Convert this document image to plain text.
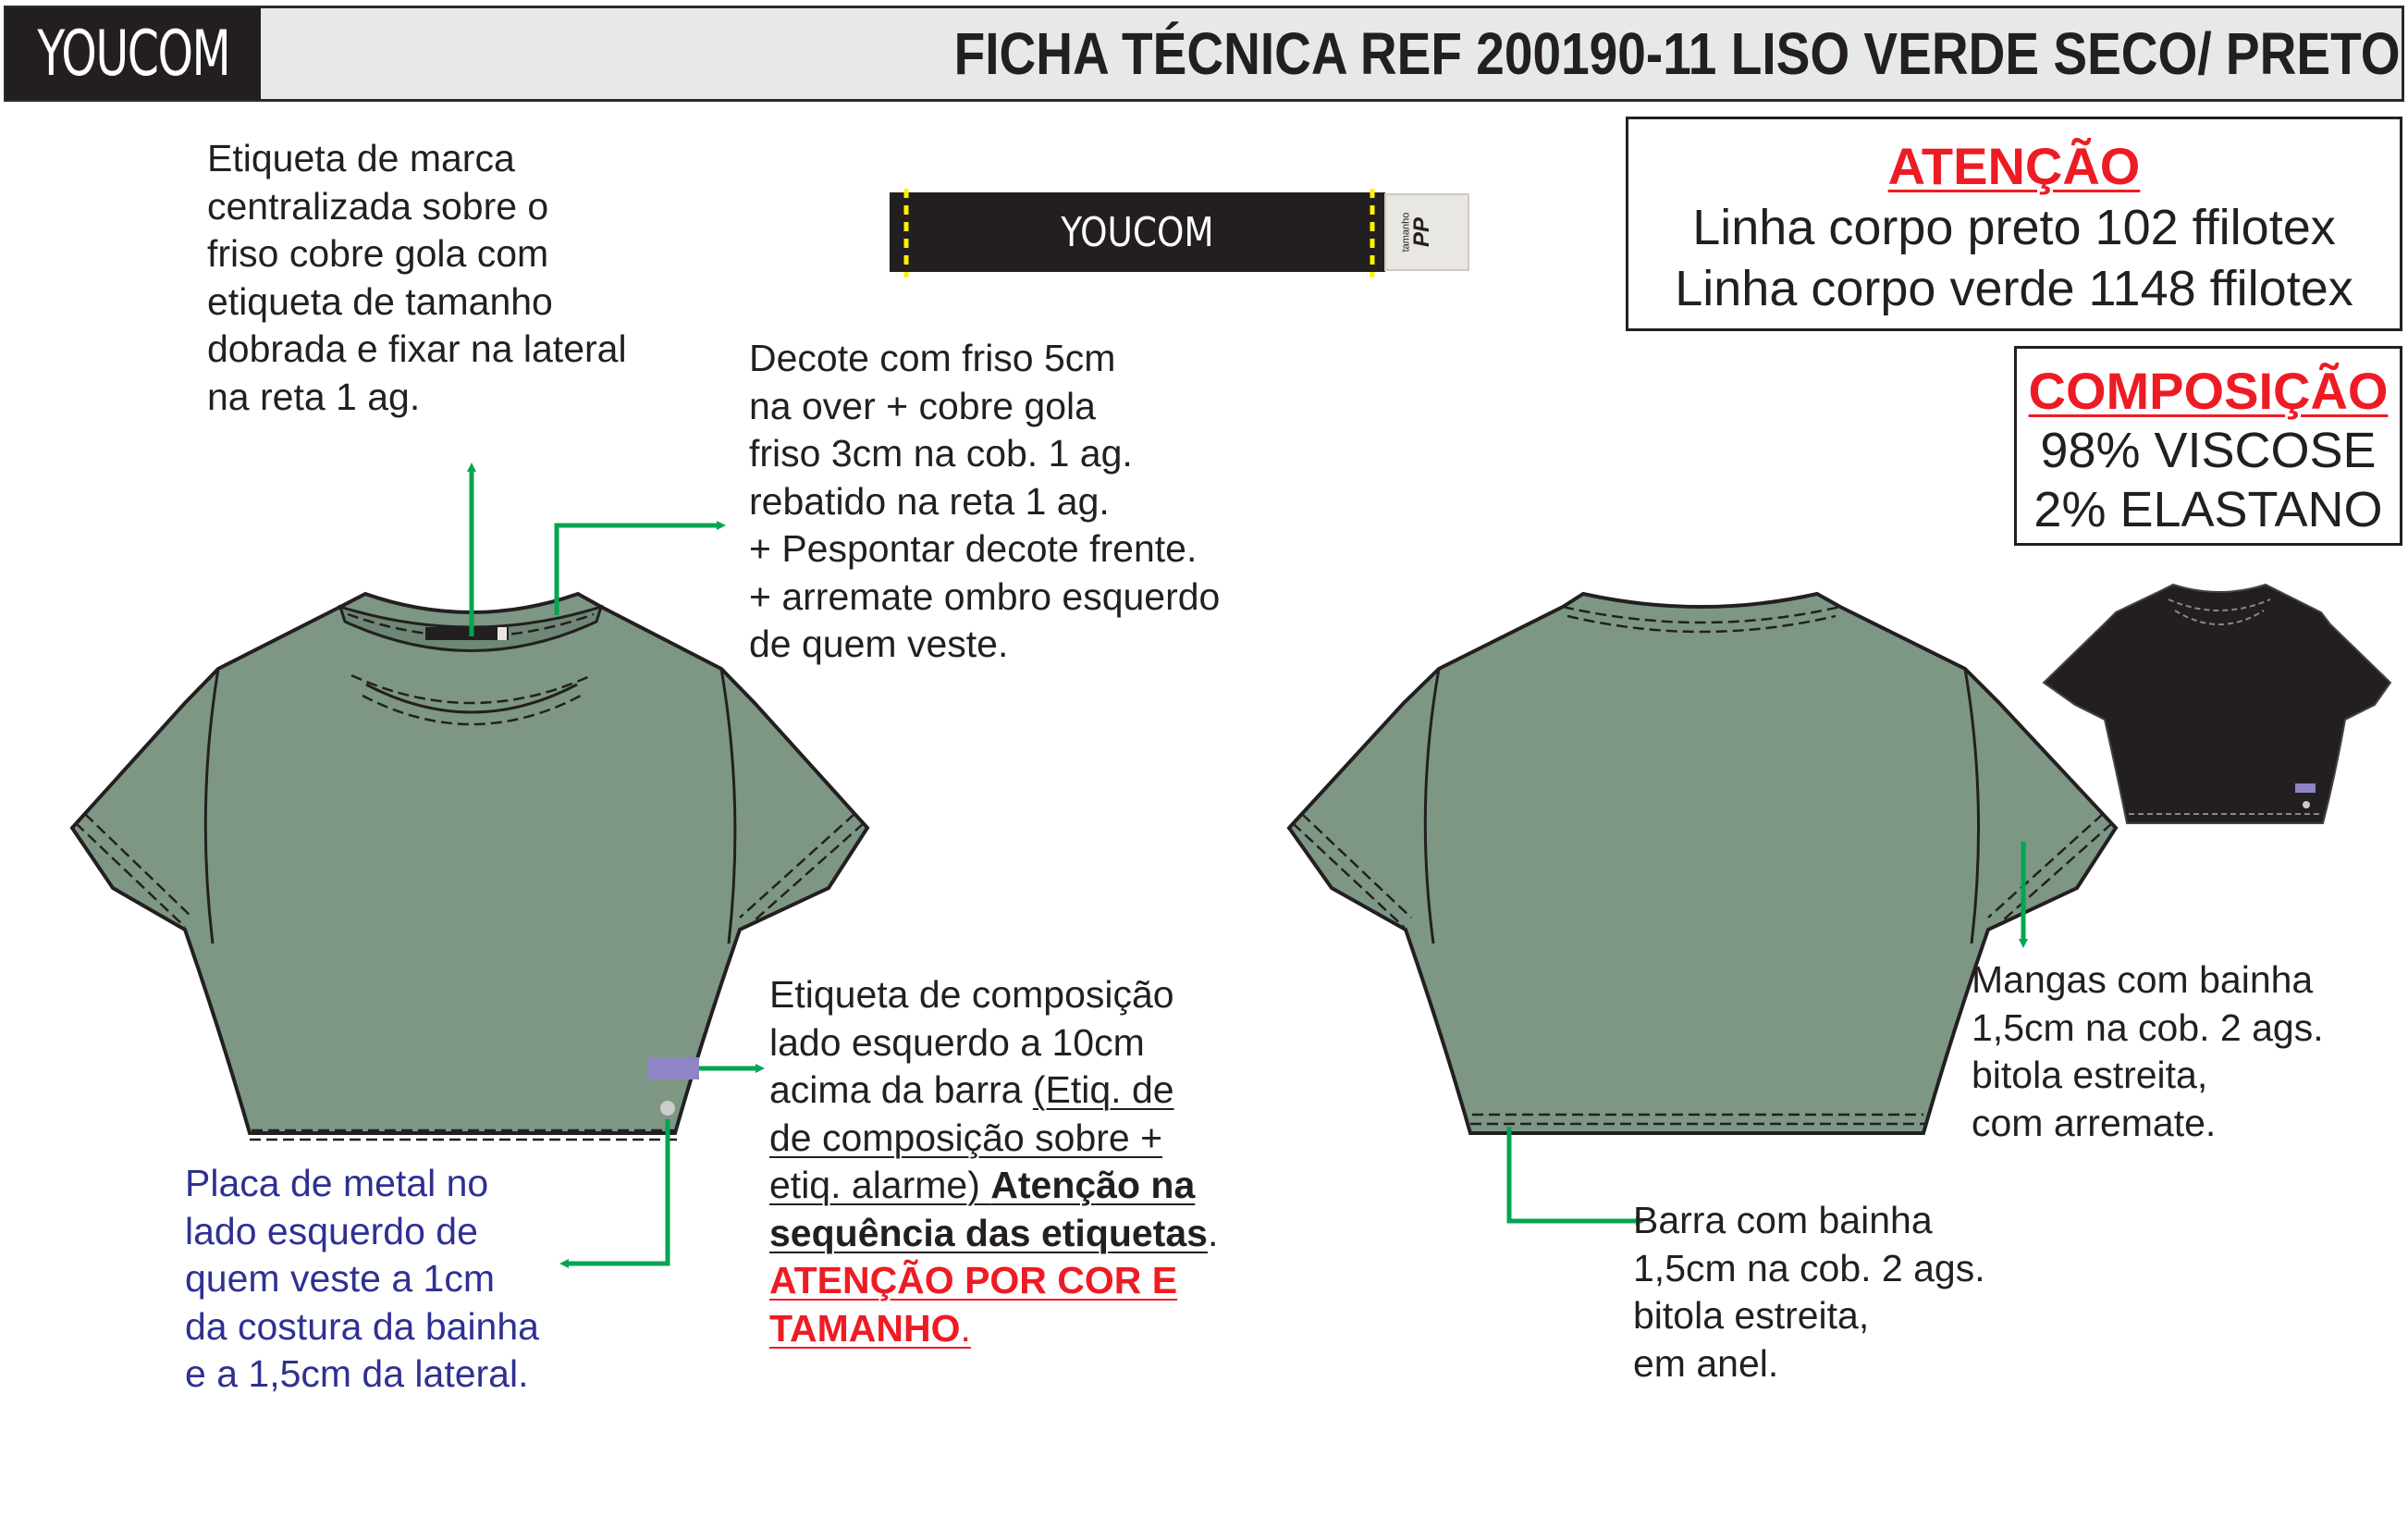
YOUCOM	FICHA TÉCNICA REF 200190-11 LISO VERDE SECO/ PRETO
YOUCOM	tamanho
PP
ATENÇÃO
Linha corpo preto 102 ffilotex
Linha corpo verde 1148 ffilotex
COMPOSIÇÃO
98% VISCOSE
2% ELASTANO
Etiqueta de marca
centralizada sobre o
friso cobre gola com
etiqueta de tamanho
dobrada e fixar na lateral
na reta 1 ag.
Decote com friso 5cm
na over + cobre gola
friso 3cm na cob. 1 ag.
rebatido na reta 1 ag.
+ Pespontar decote frente.
+ arremate ombro esquerdo
de quem veste.
Etiqueta de composição
lado esquerdo a 10cm
acima da barra (Etiq. de
de composição sobre +
etiq. alarme) Atenção na
sequência das etiquetas.
ATENÇÃO POR COR E
TAMANHO.
Placa de metal no
lado esquerdo de
quem veste a 1cm
da costura da bainha
e a 1,5cm da lateral.
Mangas com bainha
1,5cm na cob. 2 ags.
bitola estreita,
com arremate.
Barra com bainha
1,5cm na cob. 2 ags.
bitola estreita,
em anel.
